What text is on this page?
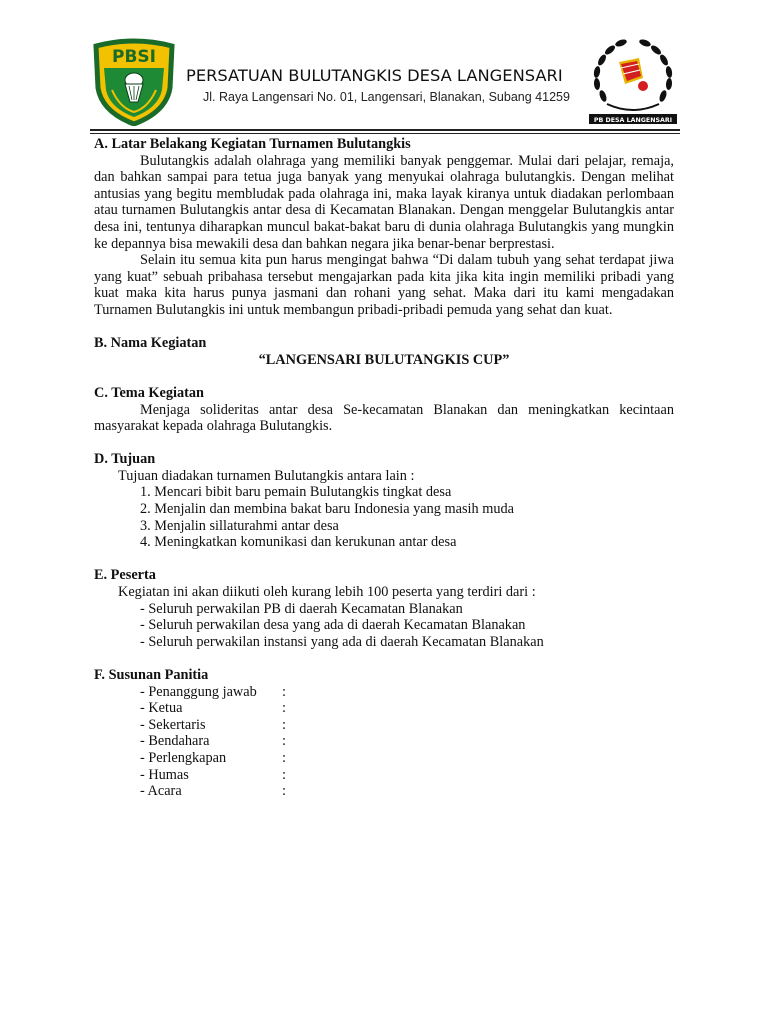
PBSI
PERSATUAN BULUTANGKIS DESA LANGENSARI
Jl. Raya Langensari No. 01, Langensari, Blanakan, Subang 41259
PB DESA LANGENSARI

A. Latar Belakang Kegiatan Turnamen Bulutangkis

Bulutangkis adalah olahraga yang memiliki banyak penggemar. Mulai dari pelajar, remaja, dan bahkan sampai para tetua juga banyak yang menyukai olahraga bulutangkis. Dengan melihat antusias yang begitu membludak pada olahraga ini, maka layak kiranya untuk diadakan perlombaan atau turnamen Bulutangkis antar desa di Kecamatan Blanakan. Dengan menggelar Bulutangkis antar desa ini, tentunya diharapkan muncul bakat-bakat baru di dunia olahraga Bulutangkis yang mungkin ke depannya bisa mewakili desa dan bahkan negara jika benar-benar berprestasi.

Selain itu semua kita pun harus mengingat bahwa “Di dalam tubuh yang sehat terdapat jiwa yang kuat” sebuah pribahasa tersebut mengajarkan pada kita jika kita ingin memiliki pribadi yang kuat maka kita harus punya jasmani dan rohani yang sehat. Maka dari itu kami mengadakan Turnamen Bulutangkis ini untuk membangun pribadi-pribadi pemuda yang sehat dan kuat.

B. Nama Kegiatan

“LANGENSARI BULUTANGKIS CUP”

C. Tema Kegiatan

Menjaga solideritas antar desa Se-kecamatan Blanakan dan meningkatkan kecintaan masyarakat kepada olahraga Bulutangkis.

D. Tujuan

Tujuan diadakan turnamen Bulutangkis antara lain :

1. Mencari bibit baru pemain Bulutangkis tingkat desa
2. Menjalin dan membina bakat baru Indonesia yang masih muda
3. Menjalin sillaturahmi antar desa
4. Meningkatkan komunikasi dan kerukunan antar desa

E. Peserta

Kegiatan ini akan diikuti oleh kurang lebih 100 peserta yang terdiri dari :

- Seluruh perwakilan PB di daerah Kecamatan Blanakan
- Seluruh perwakilan desa yang ada di daerah Kecamatan Blanakan
- Seluruh perwakilan instansi yang ada di daerah Kecamatan Blanakan

F. Susunan Panitia

- Penanggung jawab	:
- Ketua	:
- Sekertaris	:
- Bendahara	:
- Perlengkapan	:
- Humas	:
- Acara	:
